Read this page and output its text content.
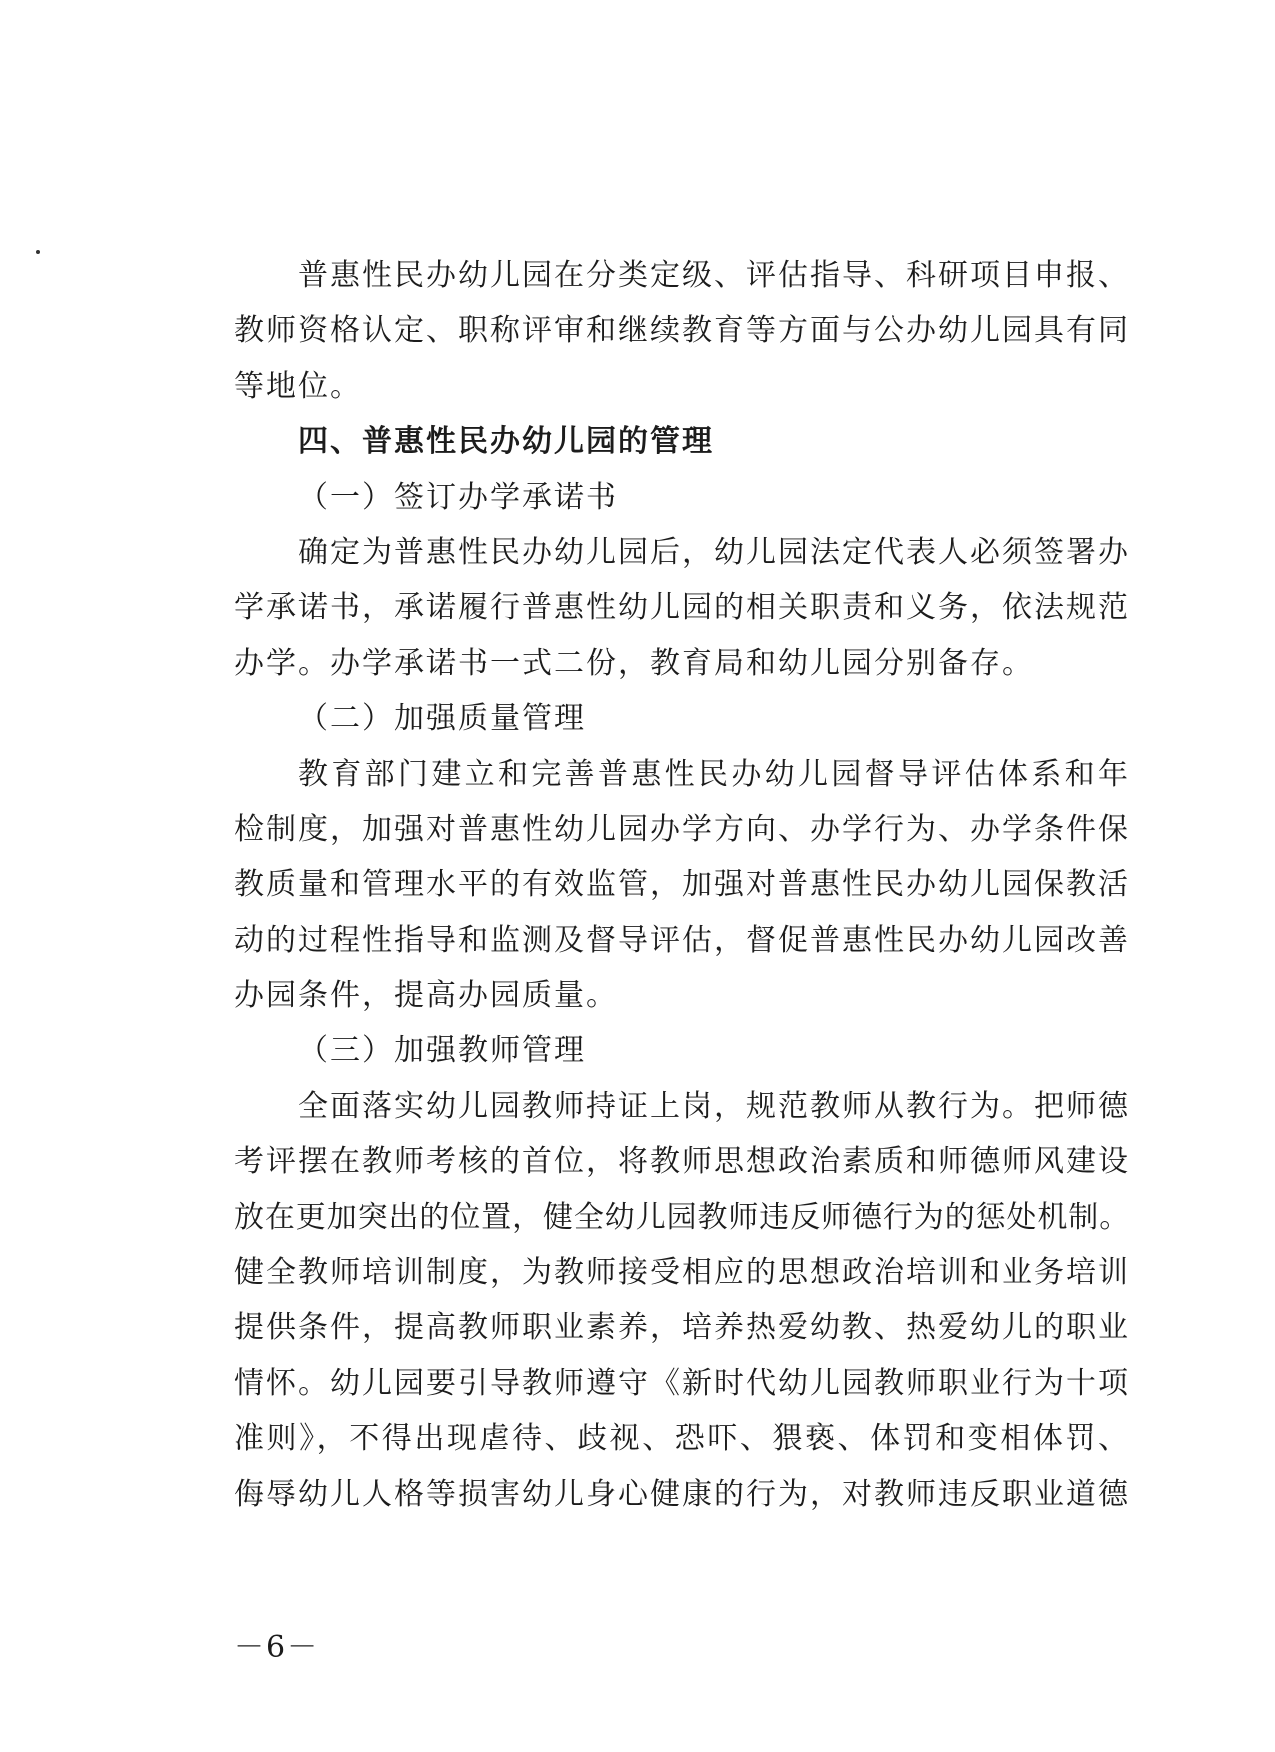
普惠性民办幼儿园在分类定级、评估指导、科研项目申报、
教师资格认定、职称评审和继续教育等方面与公办幼儿园具有同
等地位。
四、普惠性民办幼儿园的管理
（一）签订办学承诺书
确定为普惠性民办幼儿园后，幼儿园法定代表人必须签署办
学承诺书，承诺履行普惠性幼儿园的相关职责和义务，依法规范
办学。办学承诺书一式二份，教育局和幼儿园分别备存。
（二）加强质量管理
教育部门建立和完善普惠性民办幼儿园督导评估体系和年
检制度，加强对普惠性幼儿园办学方向、办学行为、办学条件保
教质量和管理水平的有效监管，加强对普惠性民办幼儿园保教活
动的过程性指导和监测及督导评估，督促普惠性民办幼儿园改善
办园条件，提高办园质量。
（三）加强教师管理
全面落实幼儿园教师持证上岗，规范教师从教行为。把师德
考评摆在教师考核的首位，将教师思想政治素质和师德师风建设
放在更加突出的位置，健全幼儿园教师违反师德行为的惩处机制。
健全教师培训制度，为教师接受相应的思想政治培训和业务培训
提供条件，提高教师职业素养，培养热爱幼教、热爱幼儿的职业
情怀。幼儿园要引导教师遵守《新时代幼儿园教师职业行为十项
准则》，不得出现虐待、歧视、恐吓、猥亵、体罚和变相体罚、
侮辱幼儿人格等损害幼儿身心健康的行为，对教师违反职业道德
－6－
